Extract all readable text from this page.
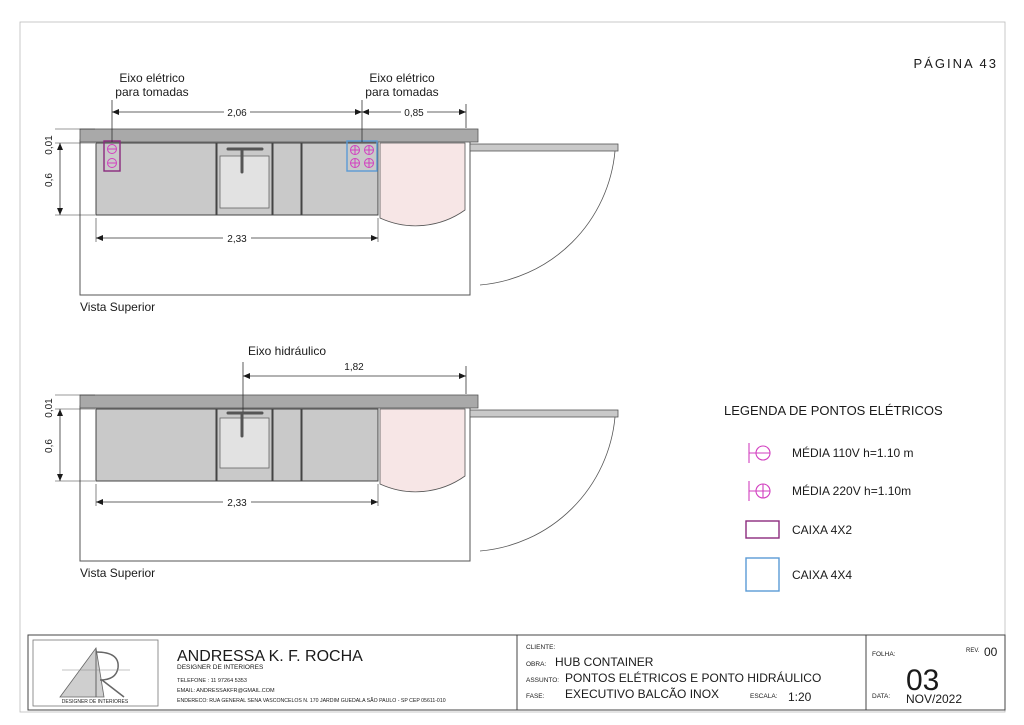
PÁGINA 43
Eixo elétrico
para tomadas
Eixo elétrico
para tomadas
2,06	0,85
0,01
0,6
2,33
Vista Superior
Eixo hidráulico
1,82
0,01
0,6
2,33
Vista Superior
LEGENDA DE PONTOS ELÉTRICOS
MÉDIA 110V h=1.10 m
MÉDIA 220V h=1.10m
CAIXA 4X2
CAIXA 4X4
DESIGNER DE INTERIORES
ANDRESSA K. F. ROCHA
DESIGNER DE INTERIORES
TELEFONE : 11 97264 5353
EMAIL: ANDRESSAKFR@GMAIL.COM
ENDERECO: RUA GENERAL SENA VASCONCELOS N. 170 JARDIM GUEDALA SÃO PAULO - SP CEP 05611-010
CLIENTE:
OBRA: HUB CONTAINER
ASSUNTO: PONTOS ELÉTRICOS E PONTO HIDRÁULICO
FASE: EXECUTIVO BALCÃO INOX	ESCALA: 1:20
FOLHA:
03
REV. 00
DATA: NOV/2022
